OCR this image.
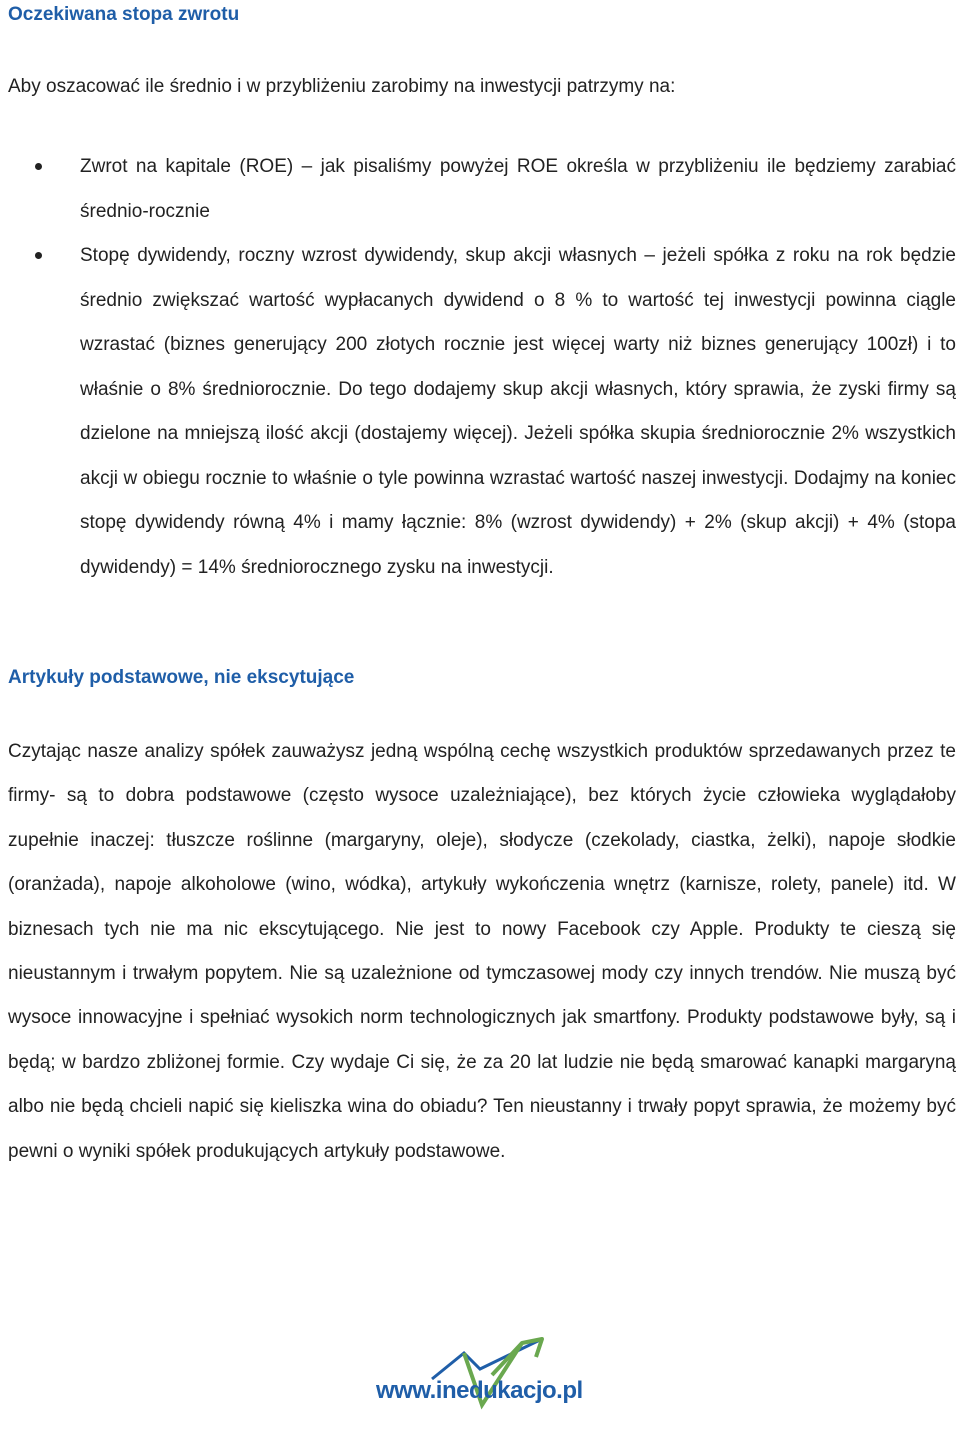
Oczekiwana stopa zwrotu
Aby oszacować ile średnio i w przybliżeniu zarobimy na inwestycji patrzymy na:
Zwrot na kapitale (ROE) – jak pisaliśmy powyżej ROE określa w przybliżeniu ile będziemy zarabiać średnio-rocznie
Stopę dywidendy, roczny wzrost dywidendy, skup akcji własnych – jeżeli spółka z roku na rok będzie średnio zwiększać wartość wypłacanych dywidend o 8 % to wartość tej inwestycji powinna ciągle wzrastać (biznes generujący 200 złotych rocznie jest więcej warty niż biznes generujący 100zł) i to właśnie o 8% średniorocznie. Do tego dodajemy skup akcji własnych, który sprawia, że zyski firmy są dzielone na mniejszą ilość akcji (dostajemy więcej). Jeżeli spółka skupia średniorocznie 2% wszystkich akcji w obiegu rocznie to właśnie o tyle powinna wzrastać wartość naszej inwestycji. Dodajmy na koniec stopę dywidendy równą 4% i mamy łącznie: 8% (wzrost dywidendy) + 2% (skup akcji) + 4% (stopa dywidendy) = 14% średniorocznego zysku na inwestycji.
Artykuły podstawowe, nie ekscytujące
Czytając nasze analizy spółek zauważysz jedną wspólną cechę wszystkich produktów sprzedawanych przez te firmy- są to dobra podstawowe (często wysoce uzależniające), bez których życie człowieka wyglądałoby zupełnie inaczej: tłuszcze roślinne (margaryny, oleje), słodycze (czekolady, ciastka, żelki), napoje słodkie (oranżada), napoje alkoholowe (wino, wódka), artykuły wykończenia wnętrz (karnisze, rolety, panele) itd. W biznesach tych nie ma nic ekscytującego. Nie jest to nowy Facebook czy Apple. Produkty te cieszą się nieustannym i trwałym popytem. Nie są uzależnione od tymczasowej mody czy innych trendów. Nie muszą być wysoce innowacyjne i spełniać wysokich norm technologicznych jak smartfony. Produkty podstawowe były, są i będą; w bardzo zbliżonej formie. Czy wydaje Ci się, że za 20 lat ludzie nie będą smarować kanapki margaryną albo nie będą chcieli napić się kieliszka wina do obiadu? Ten nieustanny i trwały popyt sprawia, że możemy być pewni o wyniki spółek produkujących artykuły podstawowe.
www.inedukacjo.pl
